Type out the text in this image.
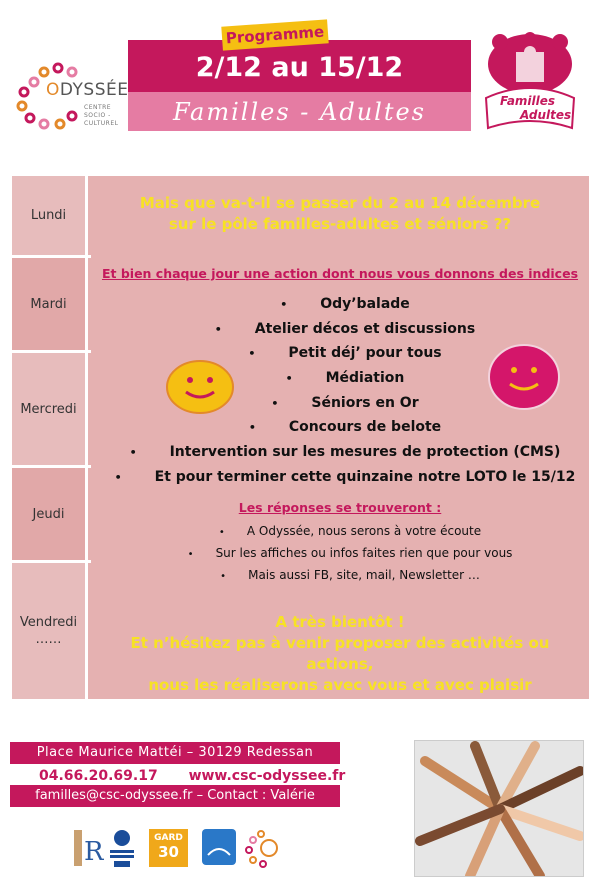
ODYSSÉE
CENTRE
SOCIO -
CULTUREL
2/12 au 15/12
Familles - Adultes
Programme
Familles
Adultes
Lundi
Mardi
Mercredi
Jeudi
Vendredi
……
Mais que va-t-il se passer du 2 au 14 décembre
sur le pôle familles-adultes et séniors ??
Et bien chaque jour une action dont nous vous donnons des indices
• Ody’balade
• Atelier décos et discussions
• Petit déj’ pour tous
• Médiation
• Séniors en Or
• Concours de belote
• Intervention sur les mesures de protection (CMS)
• Et pour terminer cette quinzaine notre LOTO le 15/12
Les réponses se trouveront :
• A Odyssée, nous serons à votre écoute
• Sur les affiches ou infos faites rien que pour vous
• Mais aussi FB, site, mail, Newsletter …
A très bientôt !
Et n’hésitez pas à venir proposer des activités ou actions,
nous les réaliserons avec vous et avec plaisir
Place Maurice Mattéi – 30129 Redessan
04.66.20.69.17 www.csc-odyssee.fr
familles@csc-odyssee.fr – Contact : Valérie
R	GARD
30
